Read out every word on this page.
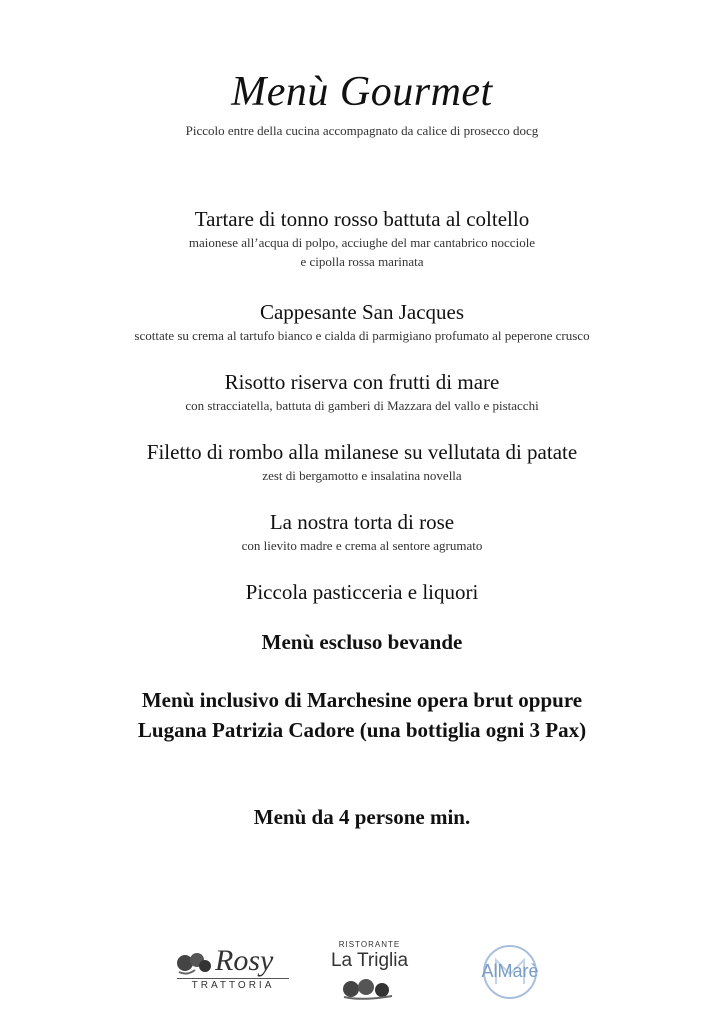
Menù Gourmet
Piccolo entre della cucina accompagnato da calice di prosecco docg
Tartare di tonno rosso battuta al coltello
maionese all’acqua di polpo, acciughe del mar cantabrico nocciole
e cipolla rossa marinata
Cappesante San Jacques
scottate su crema al tartufo bianco e cialda di parmigiano profumato al peperone crusco
Risotto riserva con frutti di mare
con stracciatella, battuta di gamberi di Mazzara del vallo e pistacchi
Filetto di rombo alla milanese su vellutata di patate
zest di bergamotto e insalatina novella
La nostra torta di rose
con lievito madre e crema al sentore agrumato
Piccola pasticceria e liquori
Menù escluso bevande
Menù inclusivo di Marchesine opera brut oppure
Lugana Patrizia Cadore (una bottiglia ogni 3 Pax)
Menù da 4 persone min.
Rosy
TRATTORIA
RISTORANTE
La Triglia	AlMarè
